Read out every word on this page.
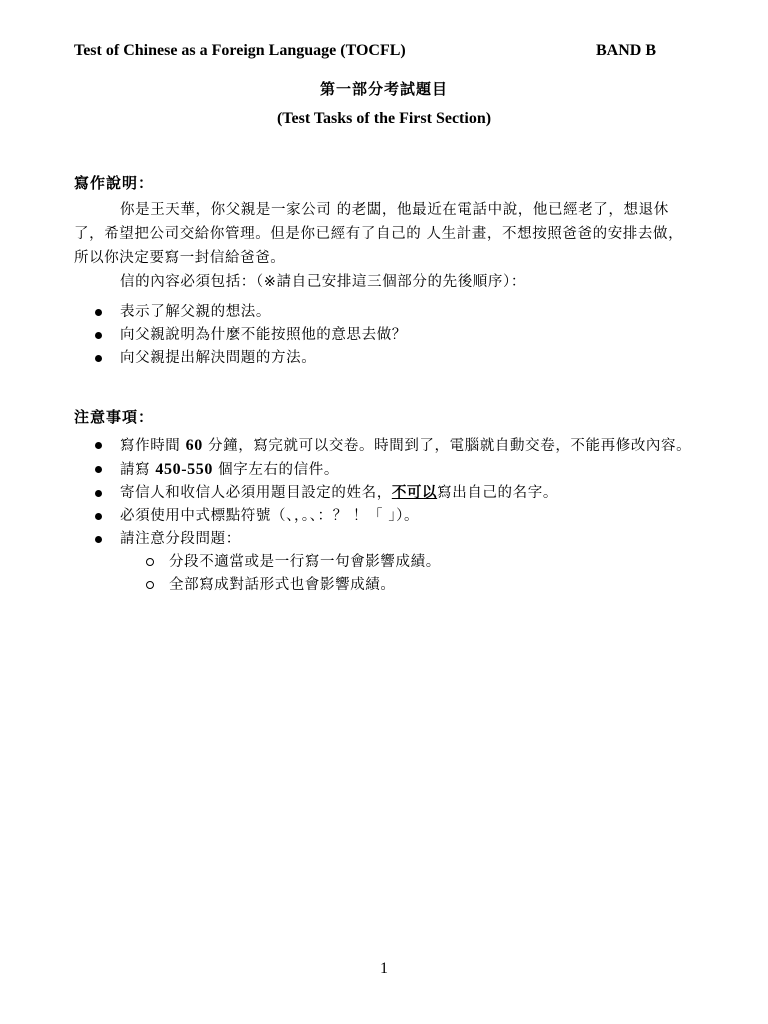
Test of Chinese as a Foreign Language (TOCFL)	BAND B
第一部分考試題目
(Test Tasks of the First Section)
寫作說明：
你是王天華，你父親是一家公司 的老闆，他最近在電話中說，他已經老了，想退休了，希望把公司交給你管理。但是你已經有了自己的 人生計畫，不想按照爸爸的安排去做，所以你決定要寫一封信給爸爸。
信的內容必須包括：（※請自己安排這三個部分的先後順序）：
表示了解父親的想法。
向父親說明為什麼不能按照他的意思去做？
向父親提出解決問題的方法。
注意事項：
寫作時間 60 分鐘，寫完就可以交卷。時間到了，電腦就自動交卷，不能再修改內容。
請寫 450-550 個字左右的信件。
寄信人和收信人必須用題目設定的姓名，不可以寫出自己的名字。
必須使用中式標點符號（、，。、：？ ！「 」）。
請注意分段問題：
分段不適當或是一行寫一句會影響成績。
全部寫成對話形式也會影響成績。
1
